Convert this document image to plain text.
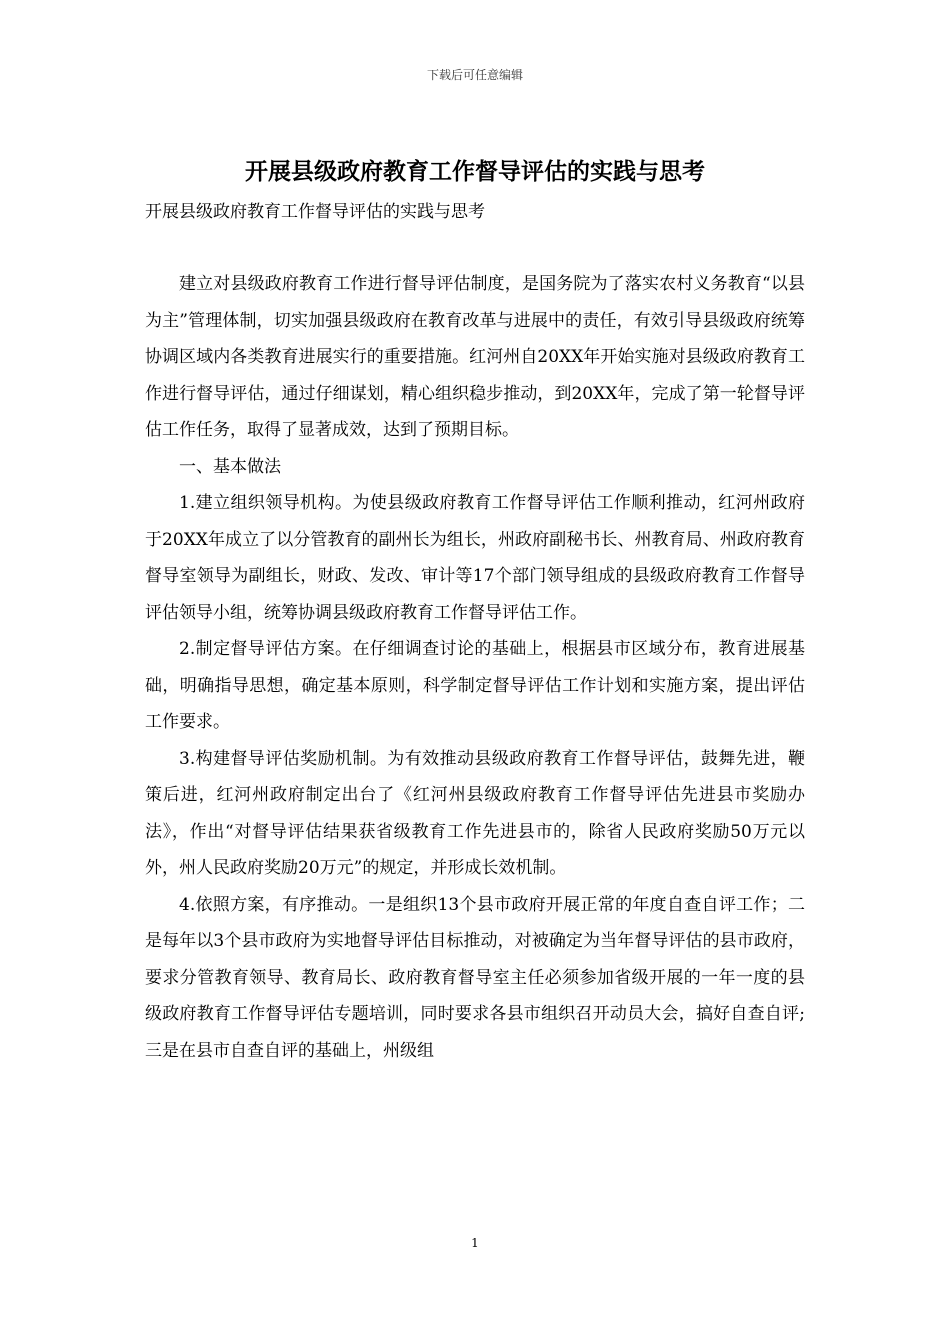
下载后可任意编辑
开展县级政府教育工作督导评估的实践与思考

开展县级政府教育工作督导评估的实践与思考

建立对县级政府教育工作进行督导评估制度，是国务院为了落实农村义务教育“以县为主”管理体制，切实加强县级政府在教育改革与进展中的责任，有效引导县级政府统筹协调区域内各类教育进展实行的重要措施。红河州自20XX年开始实施对县级政府教育工作进行督导评估，通过仔细谋划，精心组织稳步推动，到20XX年，完成了第一轮督导评估工作任务，取得了显著成效，达到了预期目标。

一、基本做法

1.建立组织领导机构。为使县级政府教育工作督导评估工作顺利推动，红河州政府于20XX年成立了以分管教育的副州长为组长，州政府副秘书长、州教育局、州政府教育督导室领导为副组长，财政、发改、审计等17个部门领导组成的县级政府教育工作督导评估领导小组，统筹协调县级政府教育工作督导评估工作。

2.制定督导评估方案。在仔细调查讨论的基础上，根据县市区域分布，教育进展基础，明确指导思想，确定基本原则，科学制定督导评估工作计划和实施方案，提出评估工作要求。

3.构建督导评估奖励机制。为有效推动县级政府教育工作督导评估，鼓舞先进，鞭策后进，红河州政府制定出台了《红河州县级政府教育工作督导评估先进县市奖励办法》，作出“对督导评估结果获省级教育工作先进县市的，除省人民政府奖励50万元以外，州人民政府奖励20万元”的规定，并形成长效机制。

4.依照方案，有序推动。一是组织13个县市政府开展正常的年度自查自评工作；二是每年以3个县市政府为实地督导评估目标推动，对被确定为当年督导评估的县市政府，要求分管教育领导、教育局长、政府教育督导室主任必须参加省级开展的一年一度的县级政府教育工作督导评估专题培训，同时要求各县市组织召开动员大会，搞好自查自评;三是在县市自查自评的基础上，州级组

1
